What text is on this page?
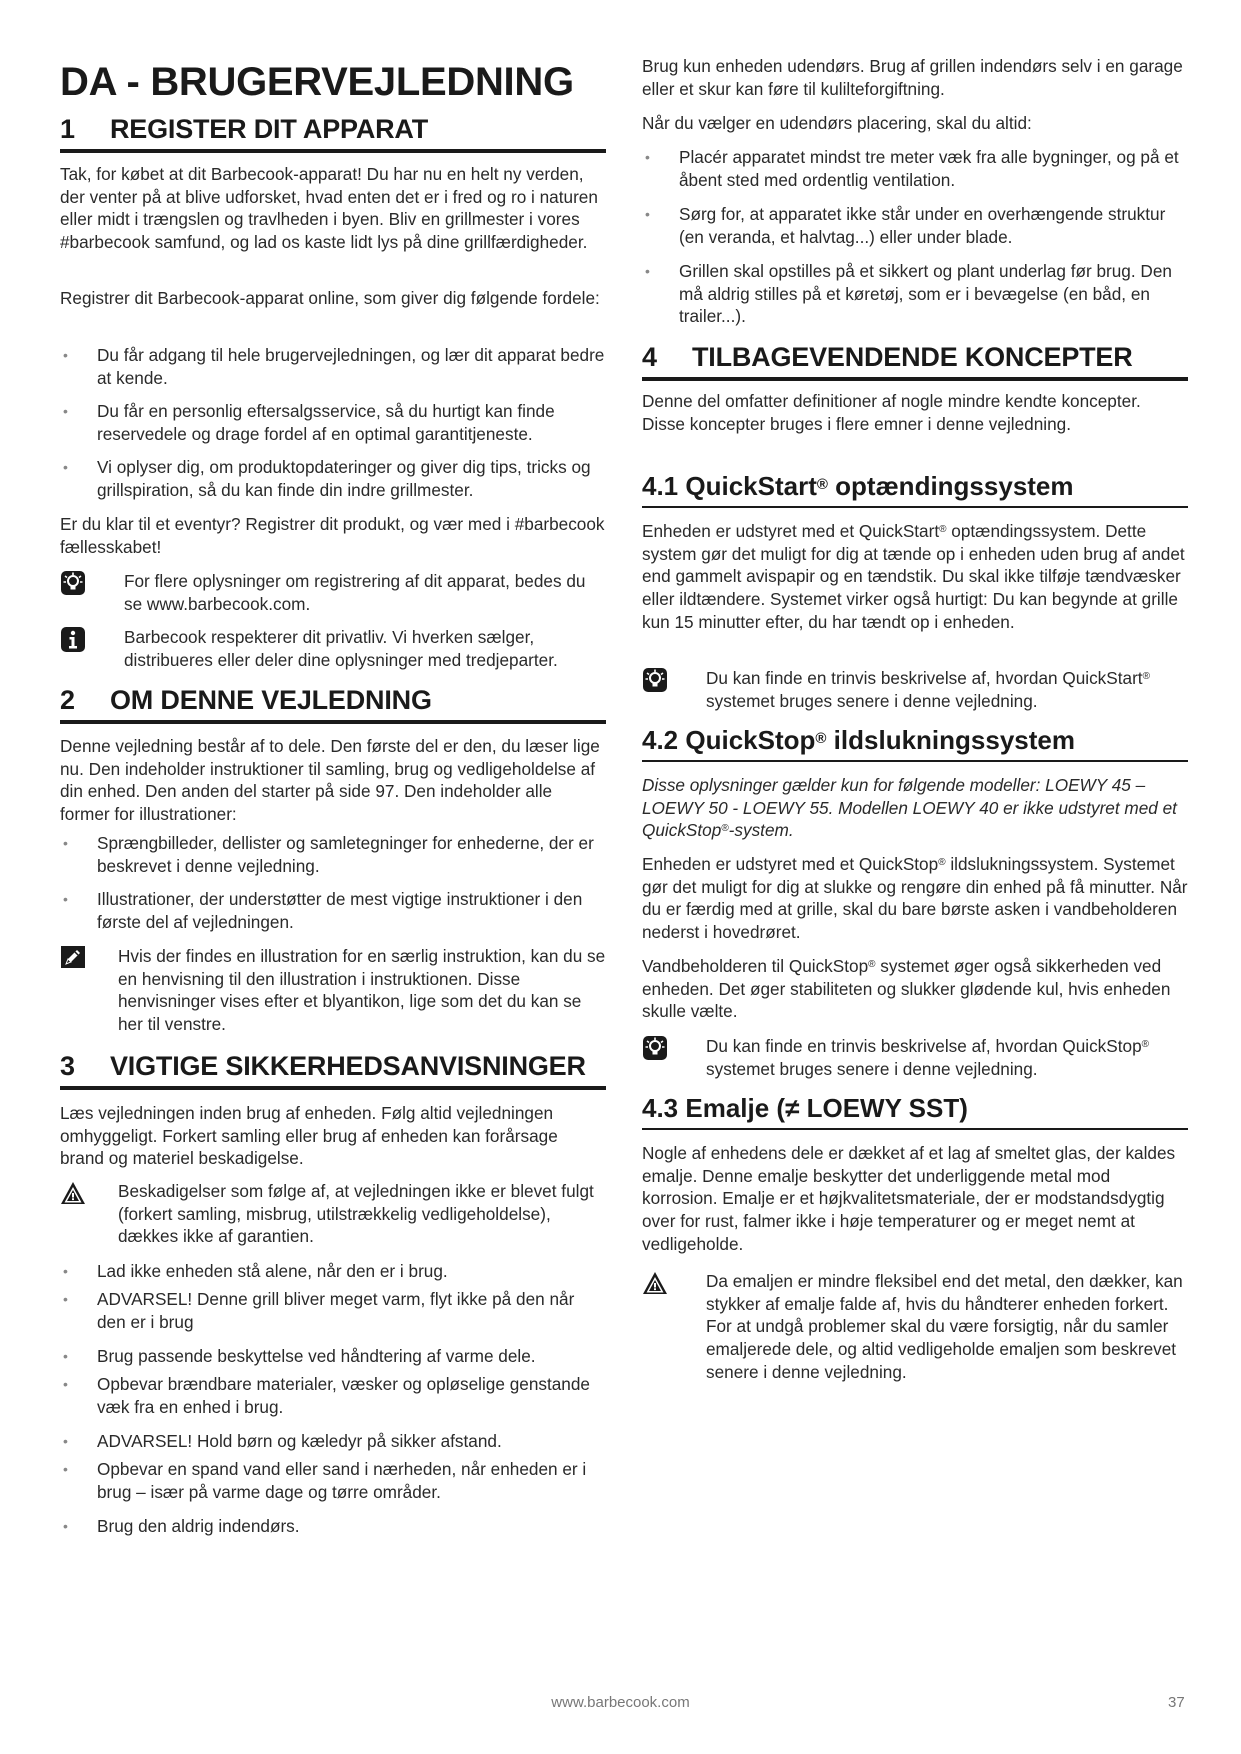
DA - BRUGERVEJLEDNING
1 REGISTER DIT APPARAT

Tak, for købet at dit Barbecook-apparat! Du har nu en helt ny verden, der venter på at blive udforsket, hvad enten det er i fred og ro i naturen eller midt i trængslen og travlheden i byen. Bliv en grillmester i vores #barbecook samfund, og lad os kaste lidt lys på dine grillfærdigheder.

Registrer dit Barbecook-apparat online, som giver dig følgende fordele:

• Du får adgang til hele brugervejledningen, og lær dit apparat bedre at kende.
• Du får en personlig eftersalgsservice, så du hurtigt kan finde reservedele og drage fordel af en optimal garantitjeneste.
• Vi oplyser dig, om produktopdateringer og giver dig tips, tricks og grillspiration, så du kan finde din indre grillmester.

Er du klar til et eventyr? Registrer dit produkt, og vær med i #barbecook fællesskabet!

For flere oplysninger om registrering af dit apparat, bedes du se www.barbecook.com.
Barbecook respekterer dit privatliv. Vi hverken sælger, distribueres eller deler dine oplysninger med tredjeparter.
2 OM DENNE VEJLEDNING

Denne vejledning består af to dele. Den første del er den, du læser lige nu. Den indeholder instruktioner til samling, brug og vedligeholdelse af din enhed. Den anden del starter på side 97. Den indeholder alle former for illustrationer:

• Sprængbilleder, dellister og samletegninger for enhederne, der er beskrevet i denne vejledning.
• Illustrationer, der understøtter de mest vigtige instruktioner i den første del af vejledningen.
Hvis der findes en illustration for en særlig instruktion, kan du se en henvisning til den illustration i instruktionen. Disse henvisninger vises efter et blyantikon, lige som det du kan se her til venstre.
3 VIGTIGE SIKKERHEDSANVISNINGER

Læs vejledningen inden brug af enheden. Følg altid vejledningen omhyggeligt. Forkert samling eller brug af enheden kan forårsage brand og materiel beskadigelse.

Beskadigelser som følge af, at vejledningen ikke er blevet fulgt (forkert samling, misbrug, utilstrækkelig vedligeholdelse), dækkes ikke af garantien.
• Lad ikke enheden stå alene, når den er i brug.
• ADVARSEL! Denne grill bliver meget varm, flyt ikke på den når den er i brug
• Brug passende beskyttelse ved håndtering af varme dele.
• Opbevar brændbare materialer, væsker og opløselige genstande væk fra en enhed i brug.
• ADVARSEL! Hold børn og kæledyr på sikker afstand.
• Opbevar en spand vand eller sand i nærheden, når enheden er i brug – især på varme dage og tørre områder.
• Brug den aldrig indendørs.

Brug kun enheden udendørs. Brug af grillen indendørs selv i en garage eller et skur kan føre til kulilteforgiftning.

Når du vælger en udendørs placering, skal du altid:

• Placér apparatet mindst tre meter væk fra alle bygninger, og på et åbent sted med ordentlig ventilation.
• Sørg for, at apparatet ikke står under en overhængende struktur (en veranda, et halvtag...) eller under blade.
• Grillen skal opstilles på et sikkert og plant underlag før brug. Den må aldrig stilles på et køretøj, som er i bevægelse (en båd, en trailer...).
4 TILBAGEVENDENDE KONCEPTER

Denne del omfatter definitioner af nogle mindre kendte koncepter. Disse koncepter bruges i flere emner i denne vejledning.

4.1 QuickStart® optændingssystem

Enheden er udstyret med et QuickStart® optændingssystem. Dette system gør det muligt for dig at tænde op i enheden uden brug af andet end gammelt avispapir og en tændstik. Du skal ikke tilføje tændvæsker eller ildtændere. Systemet virker også hurtigt: Du kan begynde at grille kun 15 minutter efter, du har tændt op i enheden.

Du kan finde en trinvis beskrivelse af, hvordan QuickStart® systemet bruges senere i denne vejledning.
4.2 QuickStop® ildslukningssystem

Disse oplysninger gælder kun for følgende modeller: LOEWY 45 – LOEWY 50 - LOEWY 55. Modellen LOEWY 40 er ikke udstyret med et QuickStop®-system.

Enheden er udstyret med et QuickStop® ildslukningssystem. Systemet gør det muligt for dig at slukke og rengøre din enhed på få minutter. Når du er færdig med at grille, skal du bare børste asken i vandbeholderen nederst i hovedrøret.

Vandbeholderen til QuickStop® systemet øger også sikkerheden ved enheden. Det øger stabiliteten og slukker glødende kul, hvis enheden skulle vælte.

Du kan finde en trinvis beskrivelse af, hvordan QuickStop® systemet bruges senere i denne vejledning.
4.3 Emalje (≠ LOEWY SST)

Nogle af enhedens dele er dækket af et lag af smeltet glas, der kaldes emalje. Denne emalje beskytter det underliggende metal mod korrosion. Emalje er et højkvalitetsmateriale, der er modstandsdygtig over for rust, falmer ikke i høje temperaturer og er meget nemt at vedligeholde.

Da emaljen er mindre fleksibel end det metal, den dækker, kan stykker af emalje falde af, hvis du håndterer enheden forkert. For at undgå problemer skal du være forsigtig, når du samler emaljerede dele, og altid vedligeholde emaljen som beskrevet senere i denne vejledning.
www.barbecook.com	37
